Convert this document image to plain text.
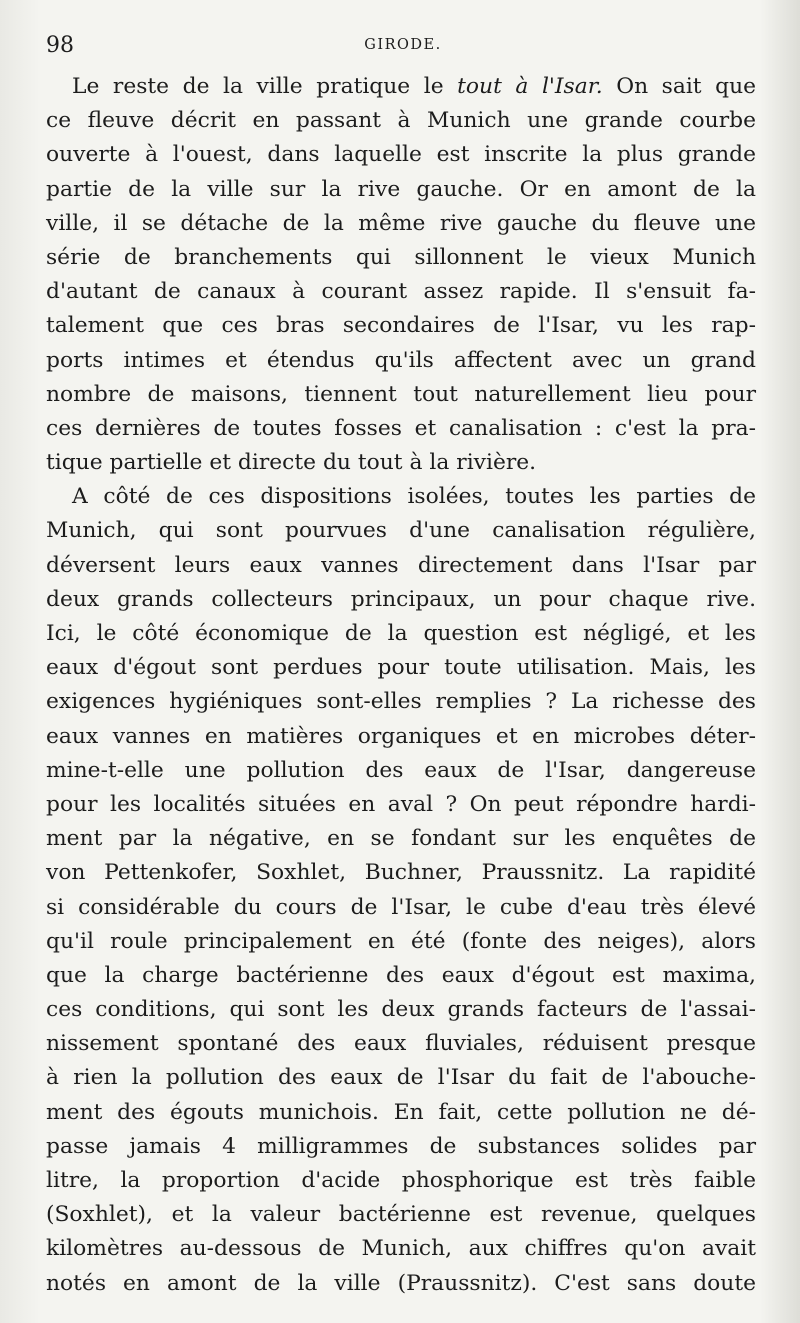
98	GIRODE.
Le reste de la ville pratique le tout à l'Isar. On sait que
ce fleuve décrit en passant à Munich une grande courbe
ouverte à l'ouest, dans laquelle est inscrite la plus grande
partie de la ville sur la rive gauche. Or en amont de la
ville, il se détache de la même rive gauche du fleuve une
série de branchements qui sillonnent le vieux Munich
d'autant de canaux à courant assez rapide. Il s'ensuit fa-
talement que ces bras secondaires de l'Isar, vu les rap-
ports intimes et étendus qu'ils affectent avec un grand
nombre de maisons, tiennent tout naturellement lieu pour
ces dernières de toutes fosses et canalisation : c'est la pra-
tique partielle et directe du tout à la rivière.
A côté de ces dispositions isolées, toutes les parties de
Munich, qui sont pourvues d'une canalisation régulière,
déversent leurs eaux vannes directement dans l'Isar par
deux grands collecteurs principaux, un pour chaque rive.
Ici, le côté économique de la question est négligé, et les
eaux d'égout sont perdues pour toute utilisation. Mais, les
exigences hygiéniques sont-elles remplies ? La richesse des
eaux vannes en matières organiques et en microbes déter-
mine-t-elle une pollution des eaux de l'Isar, dangereuse
pour les localités situées en aval ? On peut répondre hardi-
ment par la négative, en se fondant sur les enquêtes de
von Pettenkofer, Soxhlet, Buchner, Praussnitz. La rapidité
si considérable du cours de l'Isar, le cube d'eau très élevé
qu'il roule principalement en été (fonte des neiges), alors
que la charge bactérienne des eaux d'égout est maxima,
ces conditions, qui sont les deux grands facteurs de l'assai-
nissement spontané des eaux fluviales, réduisent presque
à rien la pollution des eaux de l'Isar du fait de l'abouche-
ment des égouts munichois. En fait, cette pollution ne dé-
passe jamais 4 milligrammes de substances solides par
litre, la proportion d'acide phosphorique est très faible
(Soxhlet), et la valeur bactérienne est revenue, quelques
kilomètres au-dessous de Munich, aux chiffres qu'on avait
notés en amont de la ville (Praussnitz). C'est sans doute
